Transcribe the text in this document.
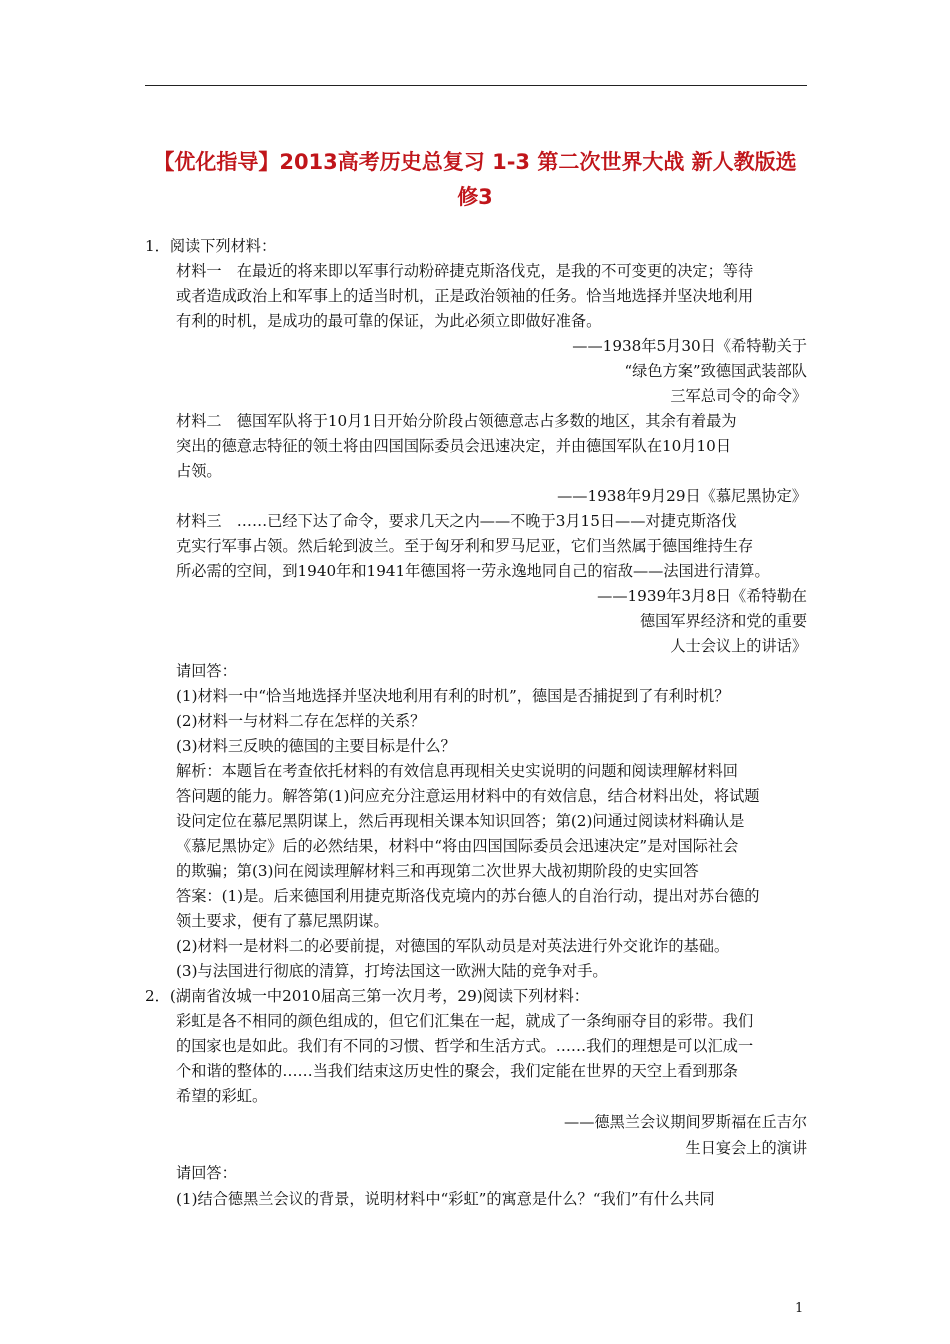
【优化指导】2013高考历史总复习 1-3 第二次世界大战 新人教版选
修3
1．阅读下列材料：
材料一　在最近的将来即以军事行动粉碎捷克斯洛伐克，是我的不可变更的决定；等待
或者造成政治上和军事上的适当时机，正是政治领袖的任务。恰当地选择并坚决地利用
有利的时机，是成功的最可靠的保证，为此必须立即做好准备。
——1938年5月30日《希特勒关于
“绿色方案”致德国武装部队
三军总司令的命令》
材料二　德国军队将于10月1日开始分阶段占领德意志占多数的地区，其余有着最为
突出的德意志特征的领土将由四国国际委员会迅速决定，并由德国军队在10月10日
占领。
——1938年9月29日《慕尼黑协定》
材料三　……已经下达了命令，要求几天之内——不晚于3月15日——对捷克斯洛伐
克实行军事占领。然后轮到波兰。至于匈牙利和罗马尼亚，它们当然属于德国维持生存
所必需的空间，到1940年和1941年德国将一劳永逸地同自己的宿敌——法国进行清算。
——1939年3月8日《希特勒在
德国军界经济和党的重要
人士会议上的讲话》
请回答：
(1)材料一中“恰当地选择并坚决地利用有利的时机”，德国是否捕捉到了有利时机？
(2)材料一与材料二存在怎样的关系？
(3)材料三反映的德国的主要目标是什么？
解析：本题旨在考查依托材料的有效信息再现相关史实说明的问题和阅读理解材料回
答问题的能力。解答第(1)问应充分注意运用材料中的有效信息，结合材料出处，将试题
设问定位在慕尼黑阴谋上，然后再现相关课本知识回答；第(2)问通过阅读材料确认是
《慕尼黑协定》后的必然结果，材料中“将由四国国际委员会迅速决定”是对国际社会
的欺骗；第(3)问在阅读理解材料三和再现第二次世界大战初期阶段的史实回答
答案：(1)是。后来德国利用捷克斯洛伐克境内的苏台德人的自治行动，提出对苏台德的
领土要求，便有了慕尼黑阴谋。
(2)材料一是材料二的必要前提，对德国的军队动员是对英法进行外交讹诈的基础。
(3)与法国进行彻底的清算，打垮法国这一欧洲大陆的竞争对手。
2．(湖南省汝城一中2010届高三第一次月考，29)阅读下列材料：
彩虹是各不相同的颜色组成的，但它们汇集在一起，就成了一条绚丽夺目的彩带。我们
的国家也是如此。我们有不同的习惯、哲学和生活方式。……我们的理想是可以汇成一
个和谐的整体的……当我们结束这历史性的聚会，我们定能在世界的天空上看到那条
希望的彩虹。
——德黑兰会议期间罗斯福在丘吉尔
生日宴会上的演讲
请回答：
(1)结合德黑兰会议的背景，说明材料中“彩虹”的寓意是什么？“我们”有什么共同
1
